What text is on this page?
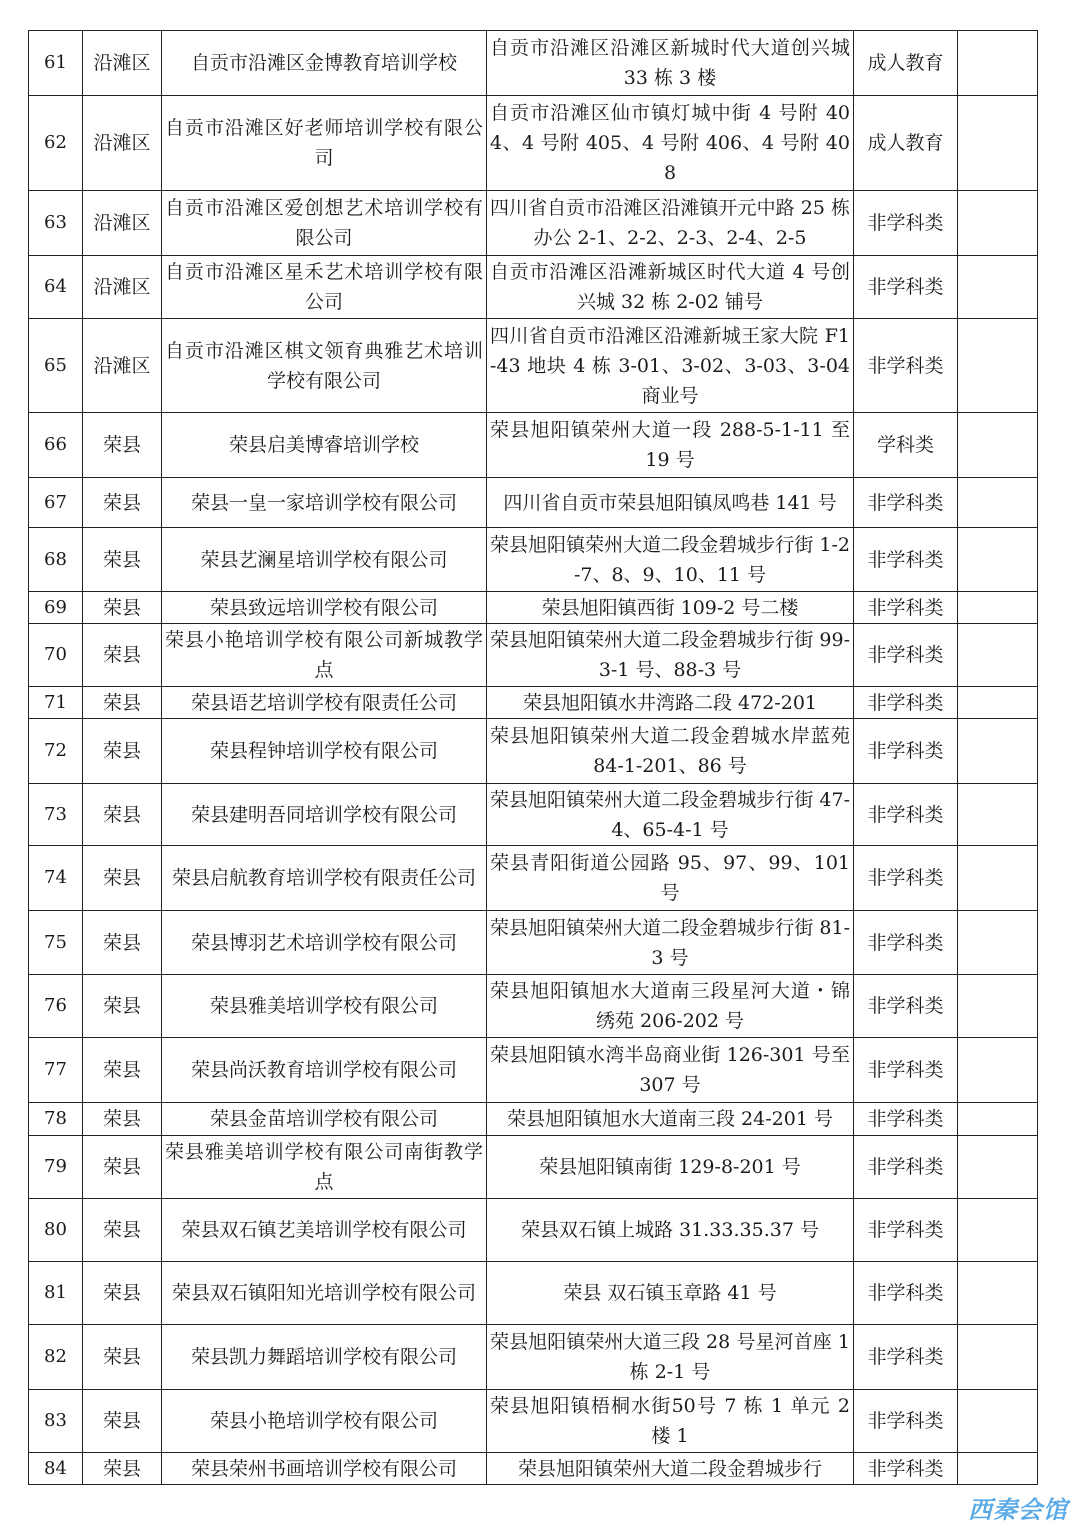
61	沿滩区	自贡市沿滩区金博教育培训学校	自贡市沿滩区沿滩区新城时代大道创兴城 33 栋 3 楼	成人教育	
62	沿滩区	自贡市沿滩区好老师培训学校有限公司	自贡市沿滩区仙市镇灯城中街 4 号附 404、4 号附 405、4 号附 406、4 号附 408	成人教育	
63	沿滩区	自贡市沿滩区爱创想艺术培训学校有限公司	四川省自贡市沿滩区沿滩镇开元中路 25 栋办公 2-1、2-2、2-3、2-4、2-5	非学科类	
64	沿滩区	自贡市沿滩区星禾艺术培训学校有限公司	自贡市沿滩区沿滩新城区时代大道 4 号创兴城 32 栋 2-02 铺号	非学科类	
65	沿滩区	自贡市沿滩区棋文领育典雅艺术培训学校有限公司	四川省自贡市沿滩区沿滩新城王家大院 F1-43 地块 4 栋 3-01、3-02、3-03、3-04 商业号	非学科类	
66	荣县	荣县启美博睿培训学校	荣县旭阳镇荣州大道一段 288-5-1-11 至 19 号	学科类	
67	荣县	荣县一皇一家培训学校有限公司	四川省自贡市荣县旭阳镇凤鸣巷 141 号	非学科类	
68	荣县	荣县艺澜星培训学校有限公司	荣县旭阳镇荣州大道二段金碧城步行街 1-2-7、8、9、10、11 号	非学科类	
69	荣县	荣县致远培训学校有限公司	荣县旭阳镇西街 109-2 号二楼	非学科类	
70	荣县	荣县小艳培训学校有限公司新城教学点	荣县旭阳镇荣州大道二段金碧城步行街 99-3-1 号、88-3 号	非学科类	
71	荣县	荣县语艺培训学校有限责任公司	荣县旭阳镇水井湾路二段 472-201	非学科类	
72	荣县	荣县程钟培训学校有限公司	荣县旭阳镇荣州大道二段金碧城水岸蓝苑 84-1-201、86 号	非学科类	
73	荣县	荣县建明吾同培训学校有限公司	荣县旭阳镇荣州大道二段金碧城步行街 47-4、65-4-1 号	非学科类	
74	荣县	荣县启航教育培训学校有限责任公司	荣县青阳街道公园路 95、97、99、101 号	非学科类	
75	荣县	荣县博羽艺术培训学校有限公司	荣县旭阳镇荣州大道二段金碧城步行街 81-3 号	非学科类	
76	荣县	荣县雅美培训学校有限公司	荣县旭阳镇旭水大道南三段星河大道・锦绣苑 206-202 号	非学科类	
77	荣县	荣县尚沃教育培训学校有限公司	荣县旭阳镇水湾半岛商业街 126-301 号至 307 号	非学科类	
78	荣县	荣县金苗培训学校有限公司	荣县旭阳镇旭水大道南三段 24-201 号	非学科类	
79	荣县	荣县雅美培训学校有限公司南街教学点	荣县旭阳镇南街 129-8-201 号	非学科类	
80	荣县	荣县双石镇艺美培训学校有限公司	荣县双石镇上城路 31.33.35.37 号	非学科类	
81	荣县	荣县双石镇阳知光培训学校有限公司	荣县 双石镇玉章路 41 号	非学科类	
82	荣县	荣县凯力舞蹈培训学校有限公司	荣县旭阳镇荣州大道三段 28 号星河首座 1 栋 2-1 号	非学科类	
83	荣县	荣县小艳培训学校有限公司	荣县旭阳镇梧桐水街50号 7 栋 1 单元 2 楼 1	非学科类	
84	荣县	荣县荣州书画培训学校有限公司	荣县旭阳镇荣州大道二段金碧城步行	非学科类	
西秦会馆
